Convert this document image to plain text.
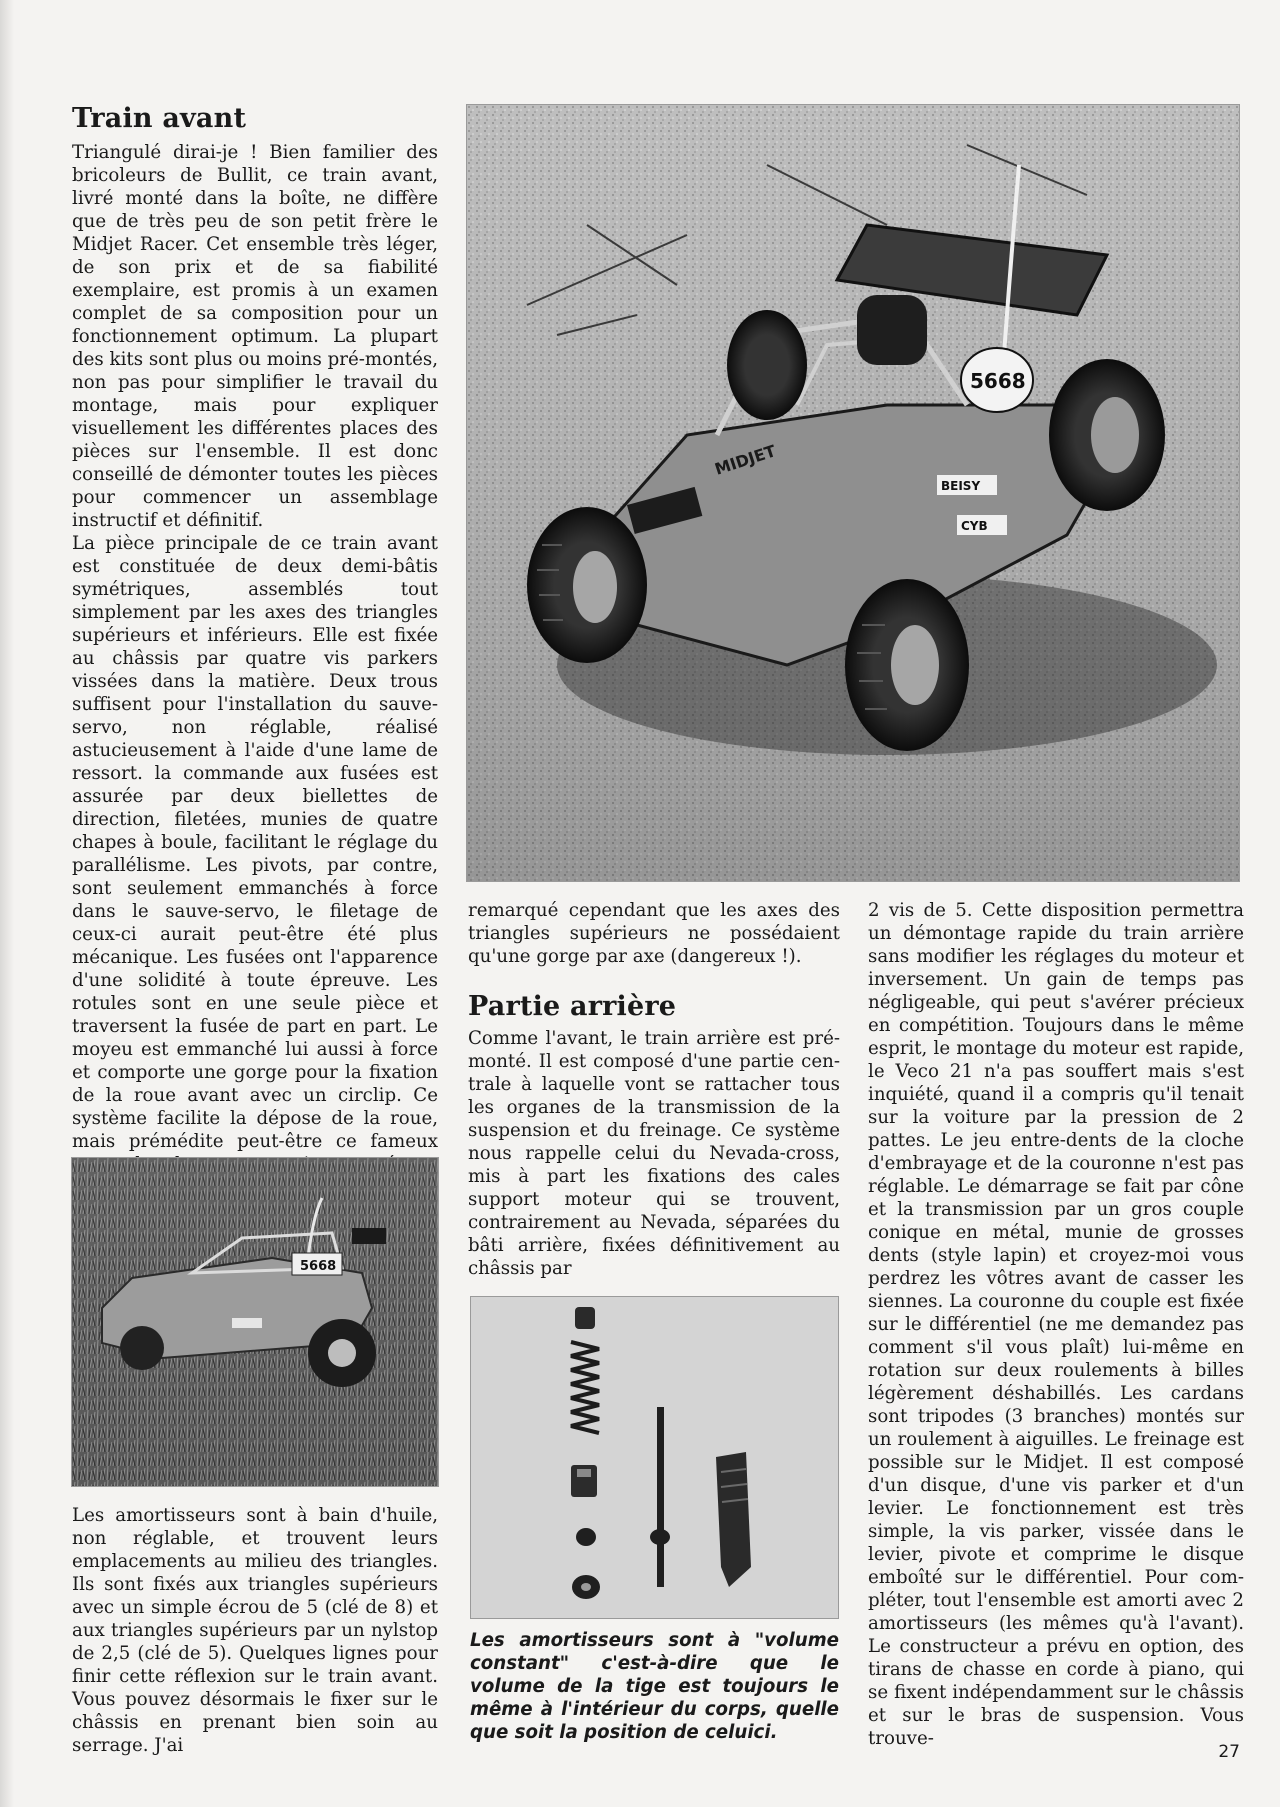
Train avant

Triangulé dirai-je ! Bien familier des bricoleurs de Bullit, ce train avant, livré monté dans la boîte, ne diffère que de très peu de son petit frère le Midjet Racer. Cet ensemble très léger, de son prix et de sa fiabilité exemplaire, est promis à un examen complet de sa composition pour un fonctionnement optimum. La plupart des kits sont plus ou moins pré-montés, non pas pour simplifier le travail du montage, mais pour expliquer visuellement les différentes places des pièces sur l'ensemble. Il est donc conseillé de démonter toutes les pièces pour commencer un assemblage instructif et définitif.

La pièce principale de ce train avant est constituée de deux demi-bâtis symétriques, assemblés tout simplement par les axes des triangles supérieurs et inférieurs. Elle est fixée au châssis par quatre vis parkers vissées dans la matière. Deux trous suffisent pour l'installation du sauve-servo, non réglable, réalisé astucieusement à l'aide d'une lame de ressort. la commande aux fusées est assurée par deux biellettes de direction, filetées, munies de quatre chapes à boule, facilitant le réglage du parallélisme. Les pivots, par contre, sont seulement emmanchés à force dans le sauve-servo, le filetage de ceux-ci aurait peut-être été plus mécanique. Les fusées ont l'apparence d'une solidité à toute épreuve. Les rotules sont en une seule pièce et traversent la fusée de part en part. Le moyeu est emmanché lui aussi à force et comporte une gorge pour la fixation de la roue avant avec un circlip. Ce système facilite la dépose de la roue, mais prémédite peut-être ce fameux

5668

Les amortisseurs sont à bain d'huile, non réglable, et trouvent leurs emplacements au milieu des triangles. Ils sont fixés aux triangles supérieurs avec un simple écrou de 5 (clé de 8) et aux triangles supérieurs par un nylstop de 2,5 (clé de 5). Quelques lignes pour finir cette réflexion sur le train avant. Vous pouvez désormais le fixer sur le châssis en prenant bien soin au serrage. J'ai

5668
MIDJET
BEISY
CYB

remarqué cependant que les axes des triangles supérieurs ne possédaient qu'une gorge par axe (dangereux !).

Partie arrière

Comme l'avant, le train arrière est prémonté. Il est composé d'une partie centrale à laquelle vont se rattacher tous les organes de la transmission de la suspension et du freinage. Ce système nous rappelle celui du Nevada-cross, mis à part les fixations des cales support moteur qui se trouvent, contrairement au Nevada, séparées du bâti arrière, fixées définitivement au châssis par

Les amortisseurs sont à "volume constant" c'est-à-dire que le volume de la tige est toujours le même à l'intérieur du corps, quelle que soit la position de celuici.

2 vis de 5. Cette disposition permettra un démontage rapide du train arrière sans modifier les réglages du moteur et inversement. Un gain de temps pas négligeable, qui peut s'avérer précieux en compétition. Toujours dans le même esprit, le montage du moteur est rapide, le Veco 21 n'a pas souffert mais s'est inquiété, quand il a compris qu'il tenait sur la voiture par la pression de 2 pattes. Le jeu entre-dents de la cloche d'embrayage et de la couronne n'est pas réglable. Le démarrage se fait par cône et la transmission par un gros couple conique en métal, munie de grosses dents (style lapin) et croyez-moi vous perdrez les vôtres avant de casser les siennes. La couronne du couple est fixée sur le différentiel (ne me demandez pas comment s'il vous plaît) lui-même en rotation sur deux roulements à billes légèrement déshabillés. Les cardans sont tripodes (3 branches) montés sur un roulement à aiguilles. Le freinage est possible sur le Midjet. Il est composé d'un disque, d'une vis parker et d'un levier. Le fonctionnement est très simple, la vis parker, vissée dans le levier, pivote et comprime le disque emboîté sur le différentiel. Pour compléter, tout l'ensemble est amorti avec 2 amortisseurs (les mêmes qu'à l'avant). Le constructeur a prévu en option, des tirans de chasse en corde à piano, qui se fixent indépendamment sur le châssis et sur le bras de suspension. Vous trouve-

27
